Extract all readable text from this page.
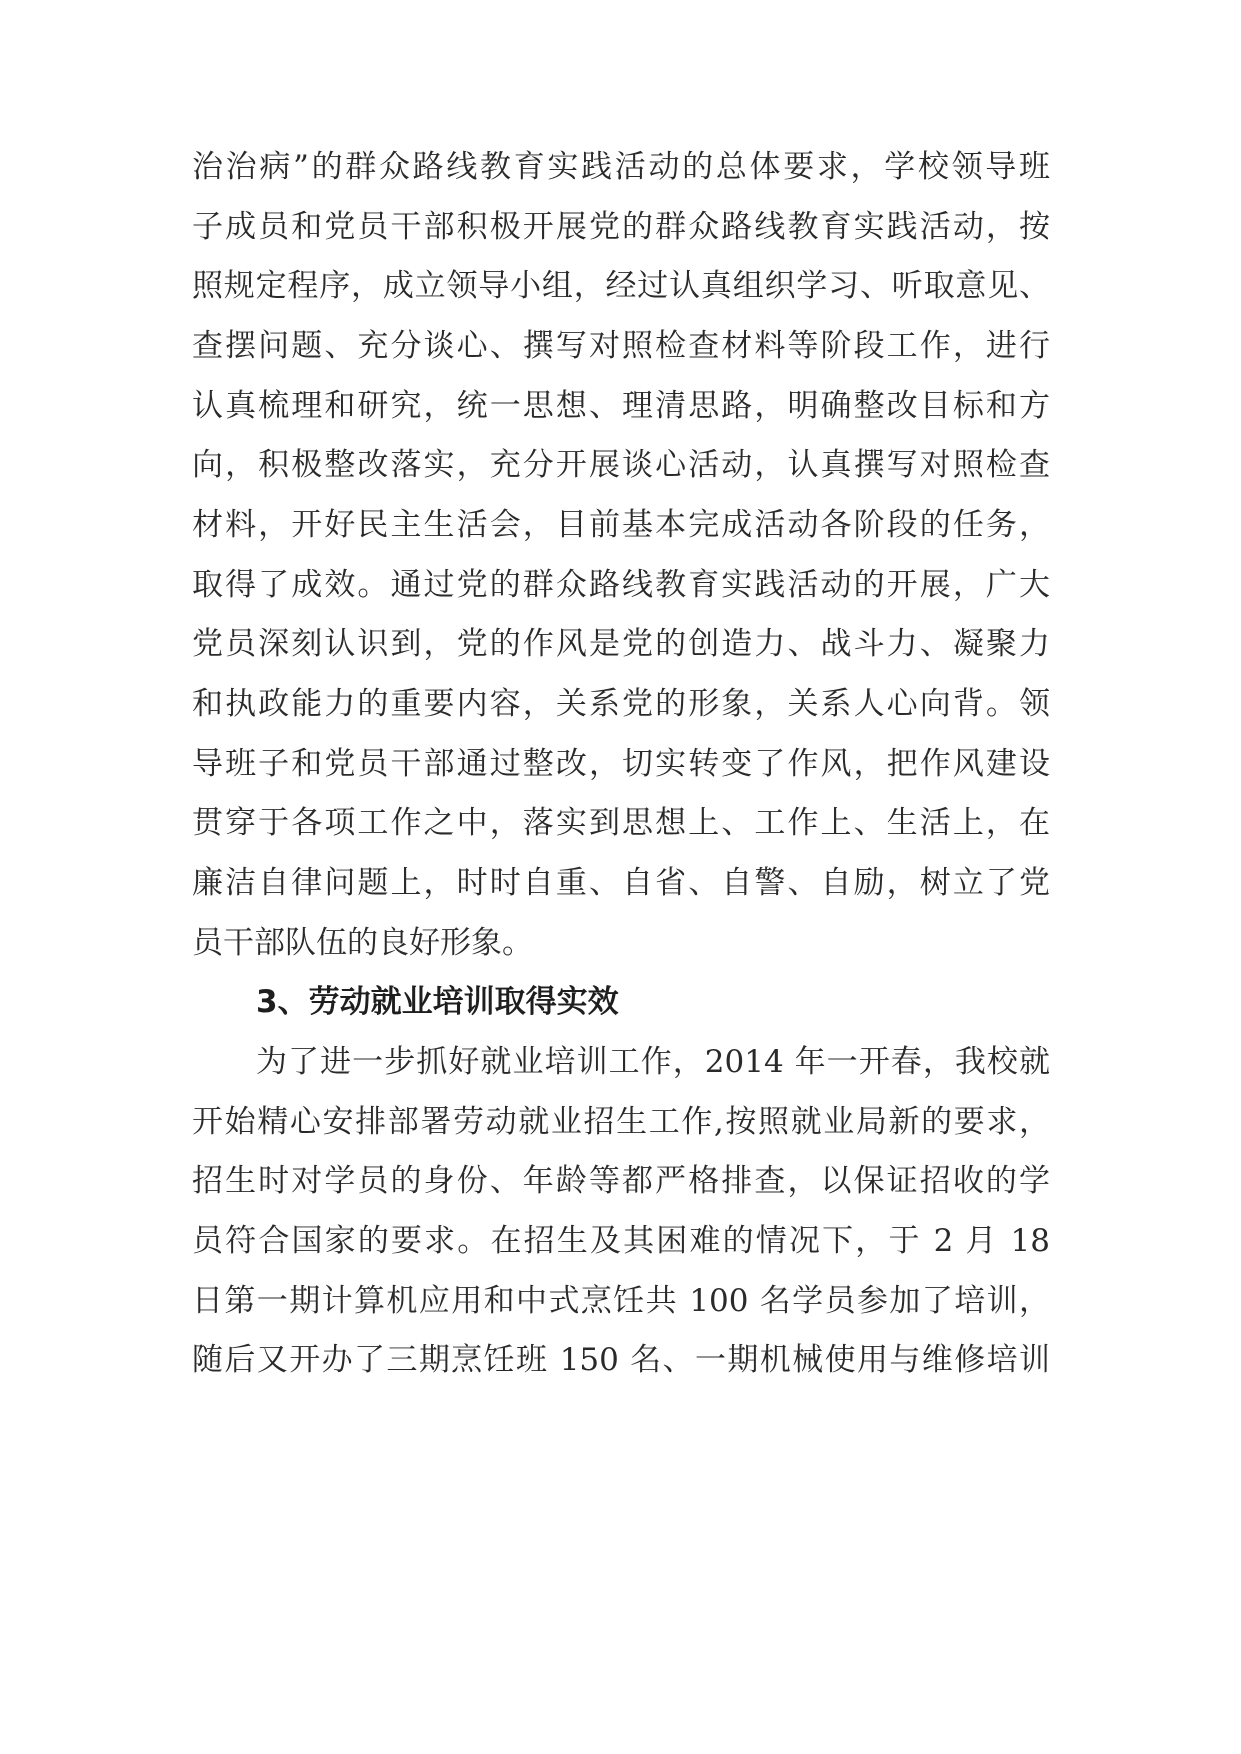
治治病”的群众路线教育实践活动的总体要求，学校领导班
子成员和党员干部积极开展党的群众路线教育实践活动，按
照规定程序，成立领导小组，经过认真组织学习、听取意见、
查摆问题、充分谈心、撰写对照检查材料等阶段工作，进行
认真梳理和研究，统一思想、理清思路，明确整改目标和方
向，积极整改落实，充分开展谈心活动，认真撰写对照检查
材料，开好民主生活会，目前基本完成活动各阶段的任务，
取得了成效。通过党的群众路线教育实践活动的开展，广大
党员深刻认识到，党的作风是党的创造力、战斗力、凝聚力
和执政能力的重要内容，关系党的形象，关系人心向背。领
导班子和党员干部通过整改，切实转变了作风，把作风建设
贯穿于各项工作之中，落实到思想上、工作上、生活上，在
廉洁自律问题上，时时自重、自省、自警、自励，树立了党
员干部队伍的良好形象。
3、劳动就业培训取得实效
为了进一步抓好就业培训工作，2014 年一开春，我校就
开始精心安排部署劳动就业招生工作,按照就业局新的要求，
招生时对学员的身份、年龄等都严格排查，以保证招收的学
员符合国家的要求。在招生及其困难的情况下，于 2 月 18
日第一期计算机应用和中式烹饪共 100 名学员参加了培训，
随后又开办了三期烹饪班 150 名、一期机械使用与维修培训
